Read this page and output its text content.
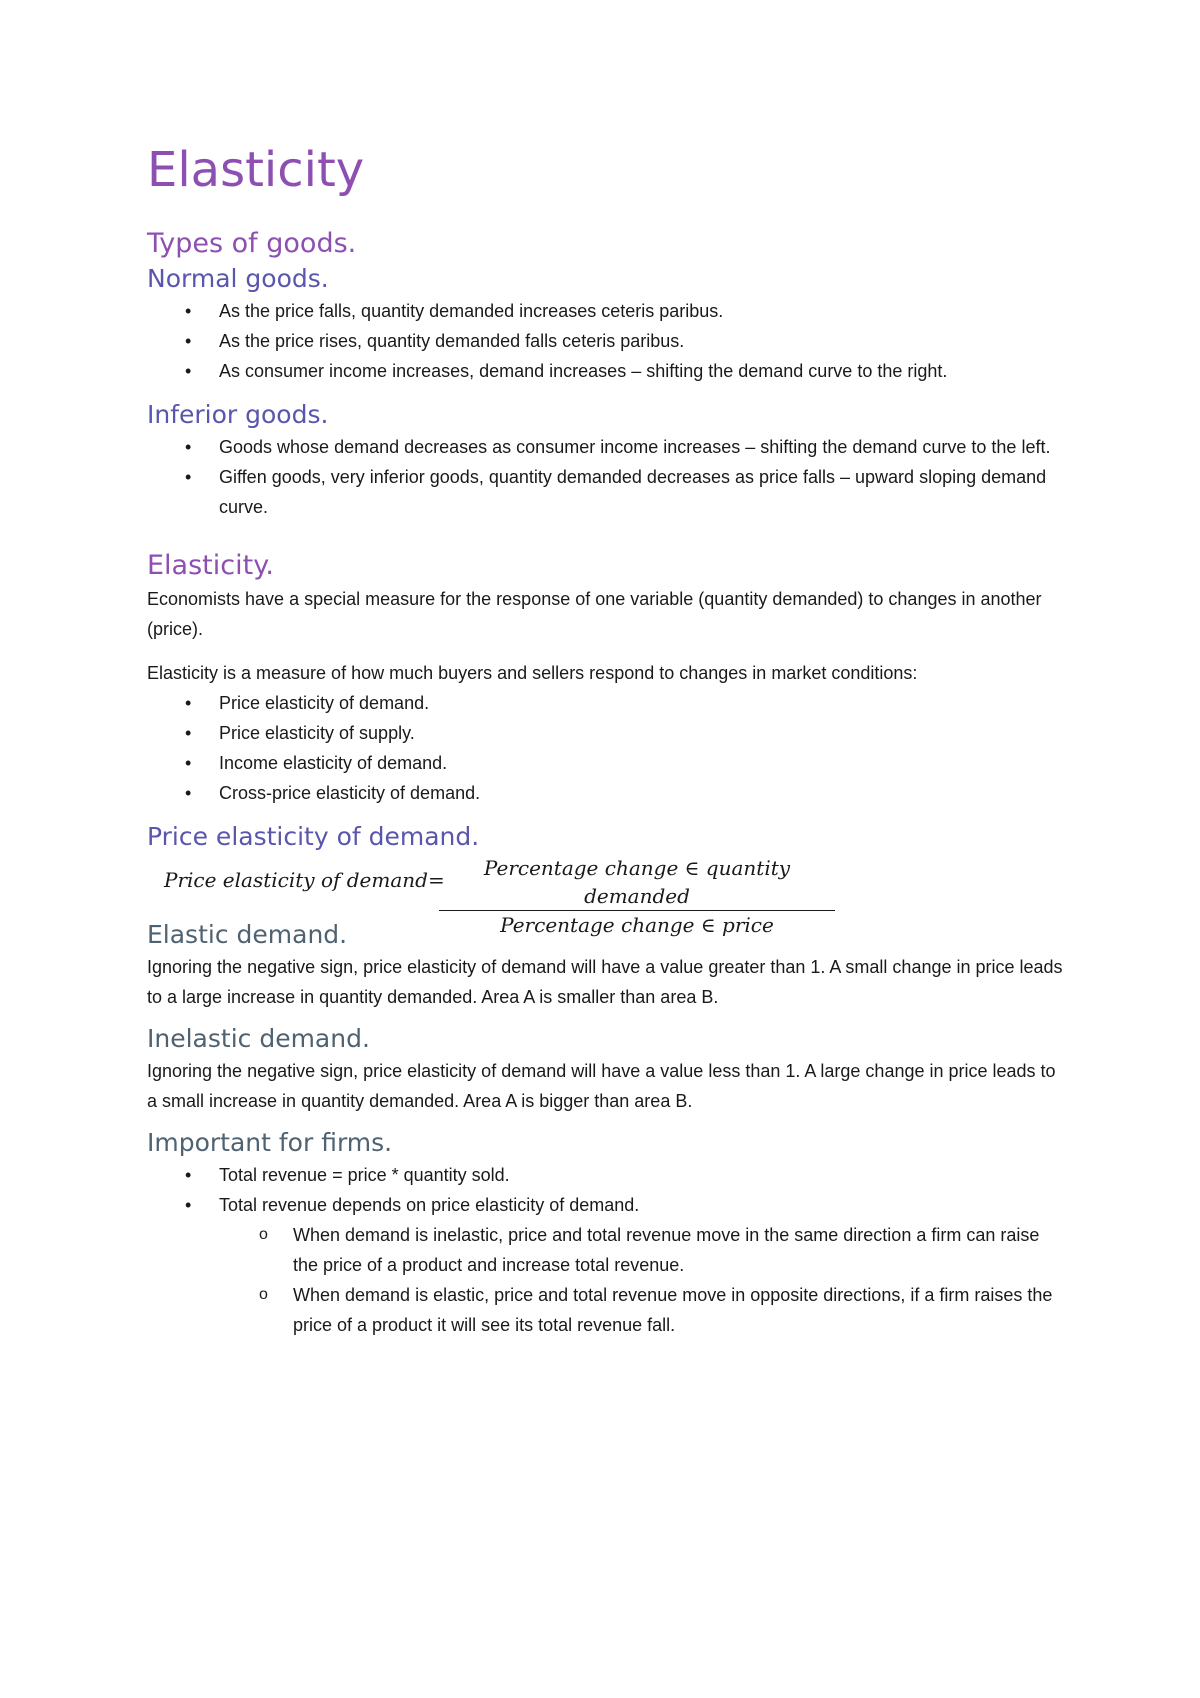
Elasticity
Types of goods.
Normal goods.
• As the price falls, quantity demanded increases ceteris paribus.
• As the price rises, quantity demanded falls ceteris paribus.
• As consumer income increases, demand increases – shifting the demand curve to the right.
Inferior goods.
• Goods whose demand decreases as consumer income increases – shifting the demand curve to the left.
• Giffen goods, very inferior goods, quantity demanded decreases as price falls – upward sloping demand curve.
Elasticity.

Economists have a special measure for the response of one variable (quantity demanded) to changes in another (price).

Elasticity is a measure of how much buyers and sellers respond to changes in market conditions:

• Price elasticity of demand.
• Price elasticity of supply.
• Income elasticity of demand.
• Cross-price elasticity of demand.
Price elasticity of demand.
Price elasticity of demand=	Percentage change ∈ quantity demanded
Percentage change ∈ price
Elastic demand.

Ignoring the negative sign, price elasticity of demand will have a value greater than 1. A small change in price leads to a large increase in quantity demanded. Area A is smaller than area B.

Inelastic demand.

Ignoring the negative sign, price elasticity of demand will have a value less than 1. A large change in price leads to a small increase in quantity demanded. Area A is bigger than area B.

Important for firms.
• Total revenue = price * quantity sold.
• Total revenue depends on price elasticity of demand.
o When demand is inelastic, price and total revenue move in the same direction a firm can raise the price of a product and increase total revenue.
o When demand is elastic, price and total revenue move in opposite directions, if a firm raises the price of a product it will see its total revenue fall.
